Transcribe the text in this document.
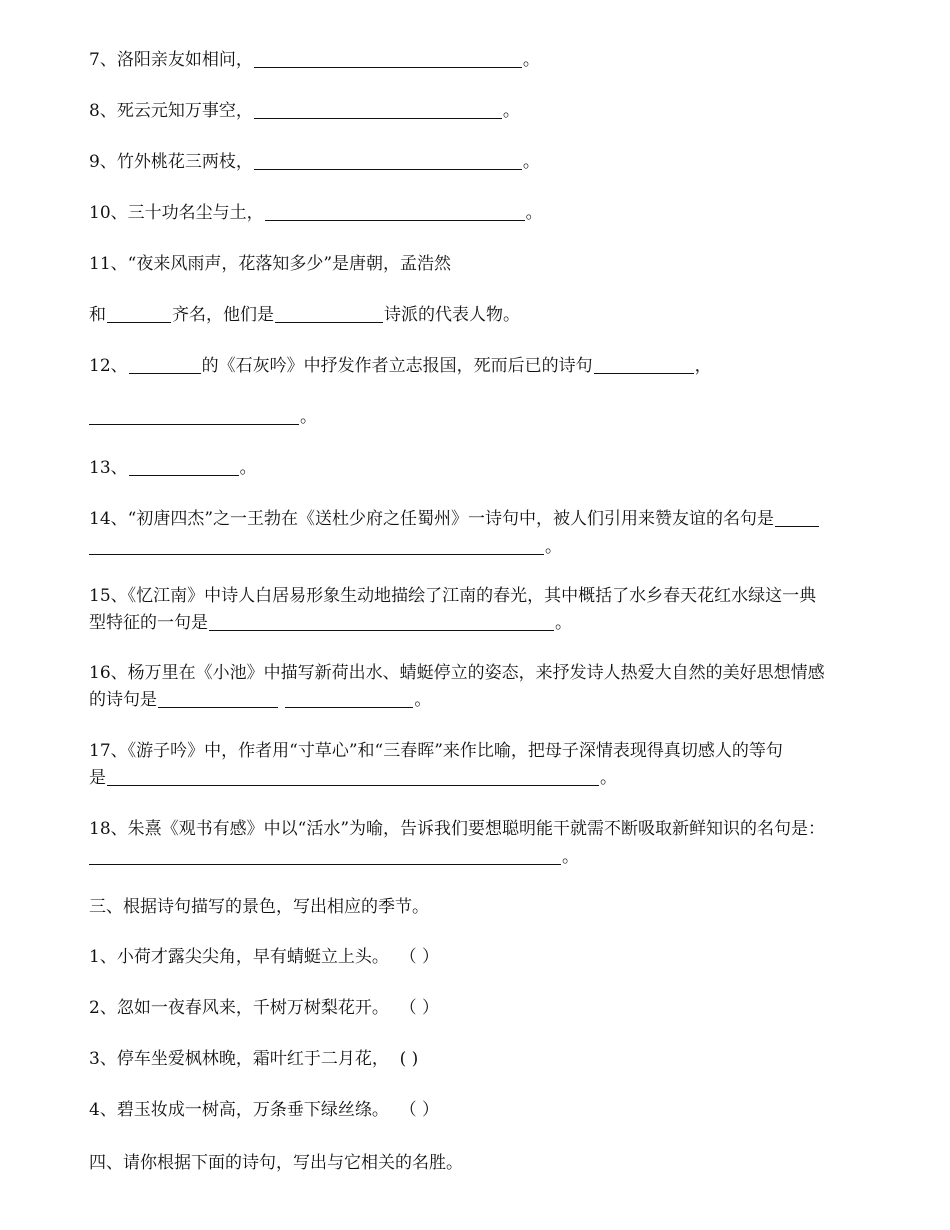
7、洛阳亲友如相问，	。
8、死云元知万事空，	。
9、竹外桃花三两枝，	。
10、三十功名尘与土，	。
11、“夜来风雨声，花落知多少”是唐朝，孟浩然
和	齐名，他们是	诗派的代表人物。
12、	的《石灰吟》中抒发作者立志报国，死而后已的诗句	，
。
13、	。
14、“初唐四杰”之一王勃在《送杜少府之任蜀州》一诗句中，被人们引用来赞友谊的名句是
。
15、《忆江南》中诗人白居易形象生动地描绘了江南的春光，其中概括了水乡春天花红水绿这一典
型特征的一句是	。
16、杨万里在《小池》中描写新荷出水、蜻蜓停立的姿态，来抒发诗人热爱大自然的美好思想情感
的诗句是	。
17、《游子吟》中，作者用“寸草心”和“三春晖”来作比喻，把母子深情表现得真切感人的等句
是	。
18、朱熹《观书有感》中以“活水”为喻，告诉我们要想聪明能干就需不断吸取新鲜知识的名句是：
。
三、根据诗句描写的景色，写出相应的季节。
1、小荷才露尖尖角，早有蜻蜓立上头。 （ ）
2、忽如一夜春风来，千树万树梨花开。 （ ）
3、停车坐爱枫林晚，霜叶红于二月花， ( )
4、碧玉妆成一树高，万条垂下绿丝绦。 （ ）
四、请你根据下面的诗句，写出与它相关的名胜。
